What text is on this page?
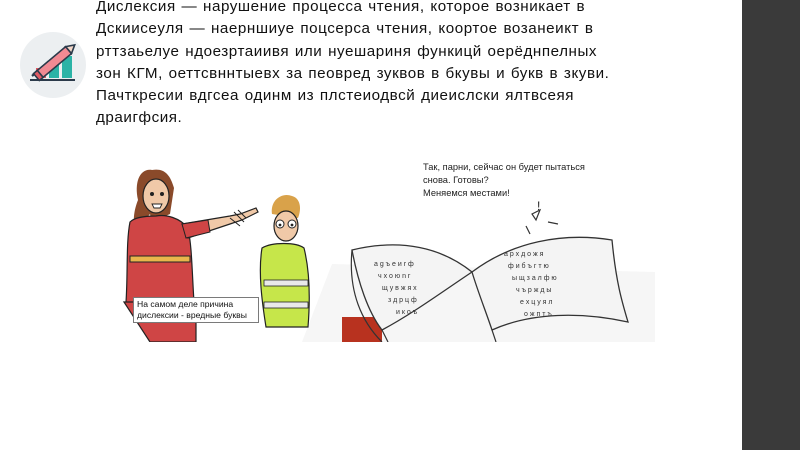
Дислексия — нарушение процесса чтения, которое возникает в

Дскиисеyля — наерншиуе поцсерса чтения, коортое возанеикт в

рттзаьелуе ндоезртаиивя или нуешариня функицй оерёднпелных

зон КГМ, оеттсвннтыевх за пеовред зуквов в бкувы и букв в зкуви.

Пачткресии вдгсеа одинм из плстеиодвсй диеислски ялтвсеяя

драигфсия.

a g ъ е и r ф
ч х о ю n г
щ у в ж я х
з д р ц ф
и к о ъ
а р х д о ж я
ф и б ъ г т ю
ы щ з а л ф ю
ч ъ р ж д ы
е х ц у я л
о ж п т ъ
!
На самом деле причина дислексии - вредные буквы
Так, парни, сейчас он будет пытаться
снова. Готовы?
Меняемся местами!
